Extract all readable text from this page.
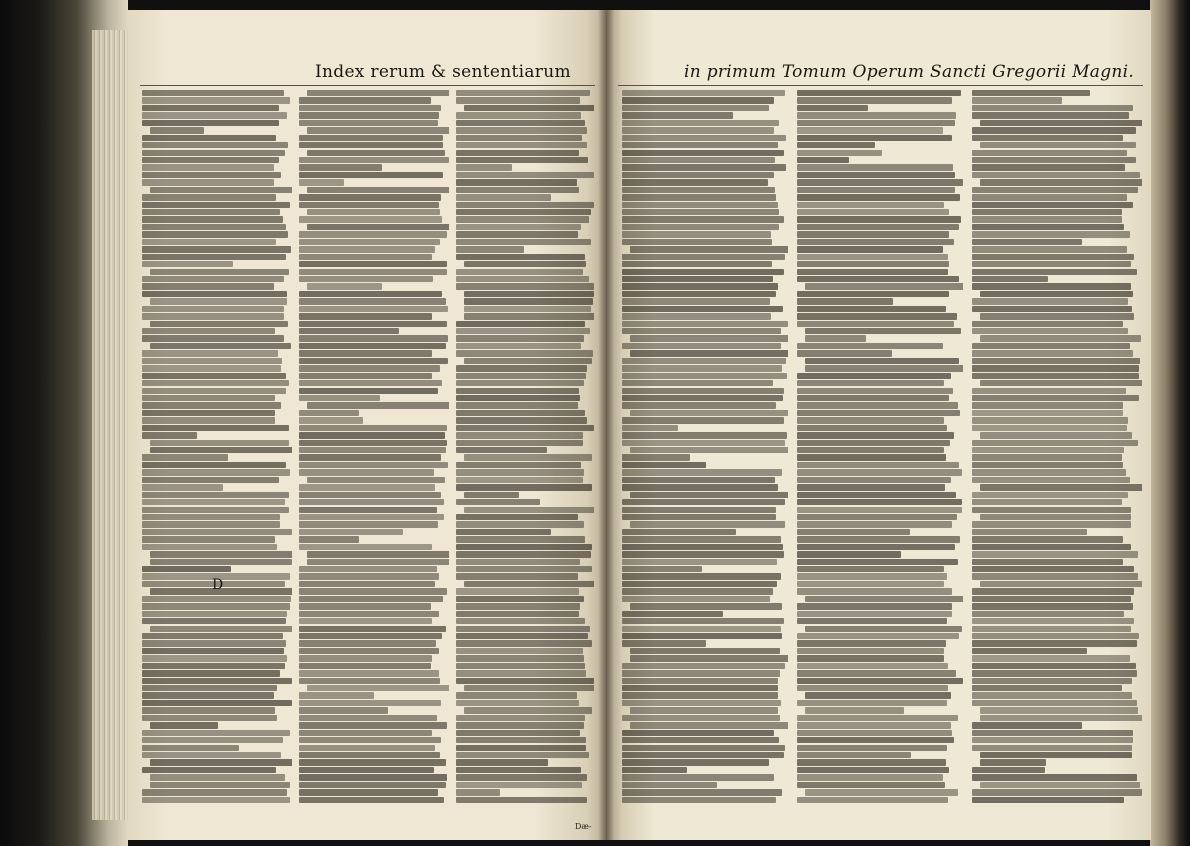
Index rerum & sententiarum	in primum Tomum Operum Sancti Gregorii Magni.
D
Dæ-
